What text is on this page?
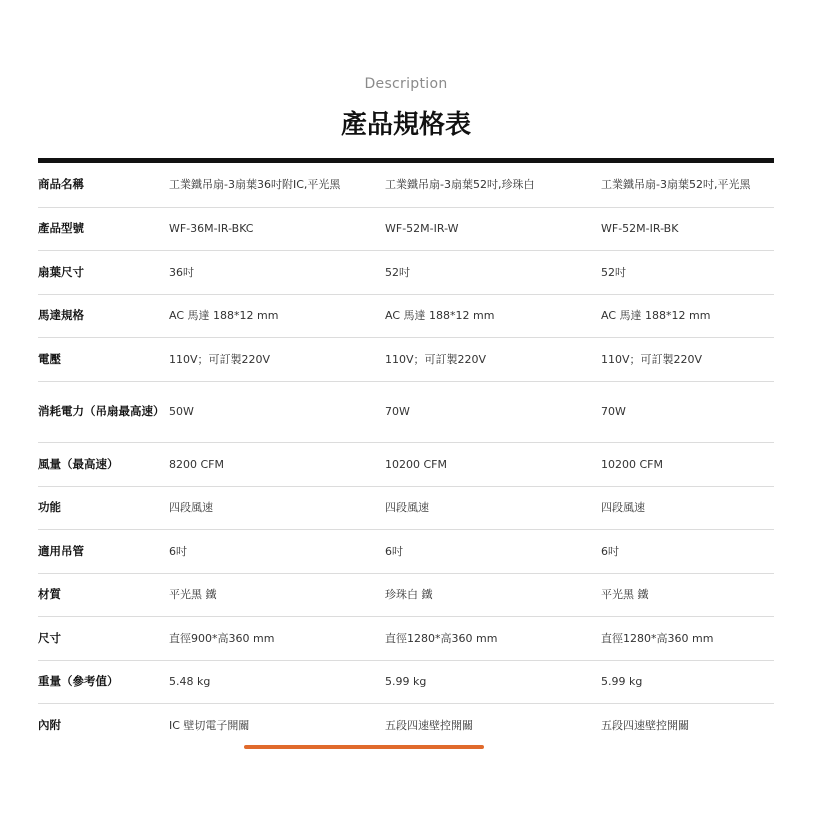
Description
產品規格表
商品名稱	工業鐵吊扇-3扇葉36吋附IC,平光黑	工業鐵吊扇-3扇葉52吋,珍珠白	工業鐵吊扇-3扇葉52吋,平光黑
產品型號	WF-36M-IR-BKC	WF-52M-IR-W	WF-52M-IR-BK
扇葉尺寸	36吋	52吋	52吋
馬達規格	AC 馬達 188*12 mm	AC 馬達 188*12 mm	AC 馬達 188*12 mm
電壓	110V；可訂製220V	110V；可訂製220V	110V；可訂製220V
消耗電力（吊扇最高速）	50W	70W	70W
風量（最高速）	8200 CFM	10200 CFM	10200 CFM
功能	四段風速	四段風速	四段風速
適用吊管	6吋	6吋	6吋
材質	平光黑 鐵	珍珠白 鐵	平光黑 鐵
尺寸	直徑900*高360 mm	直徑1280*高360 mm	直徑1280*高360 mm
重量（參考值）	5.48 kg	5.99 kg	5.99 kg
內附	IC 壁切電子開關	五段四速壁控開關	五段四速壁控開關
